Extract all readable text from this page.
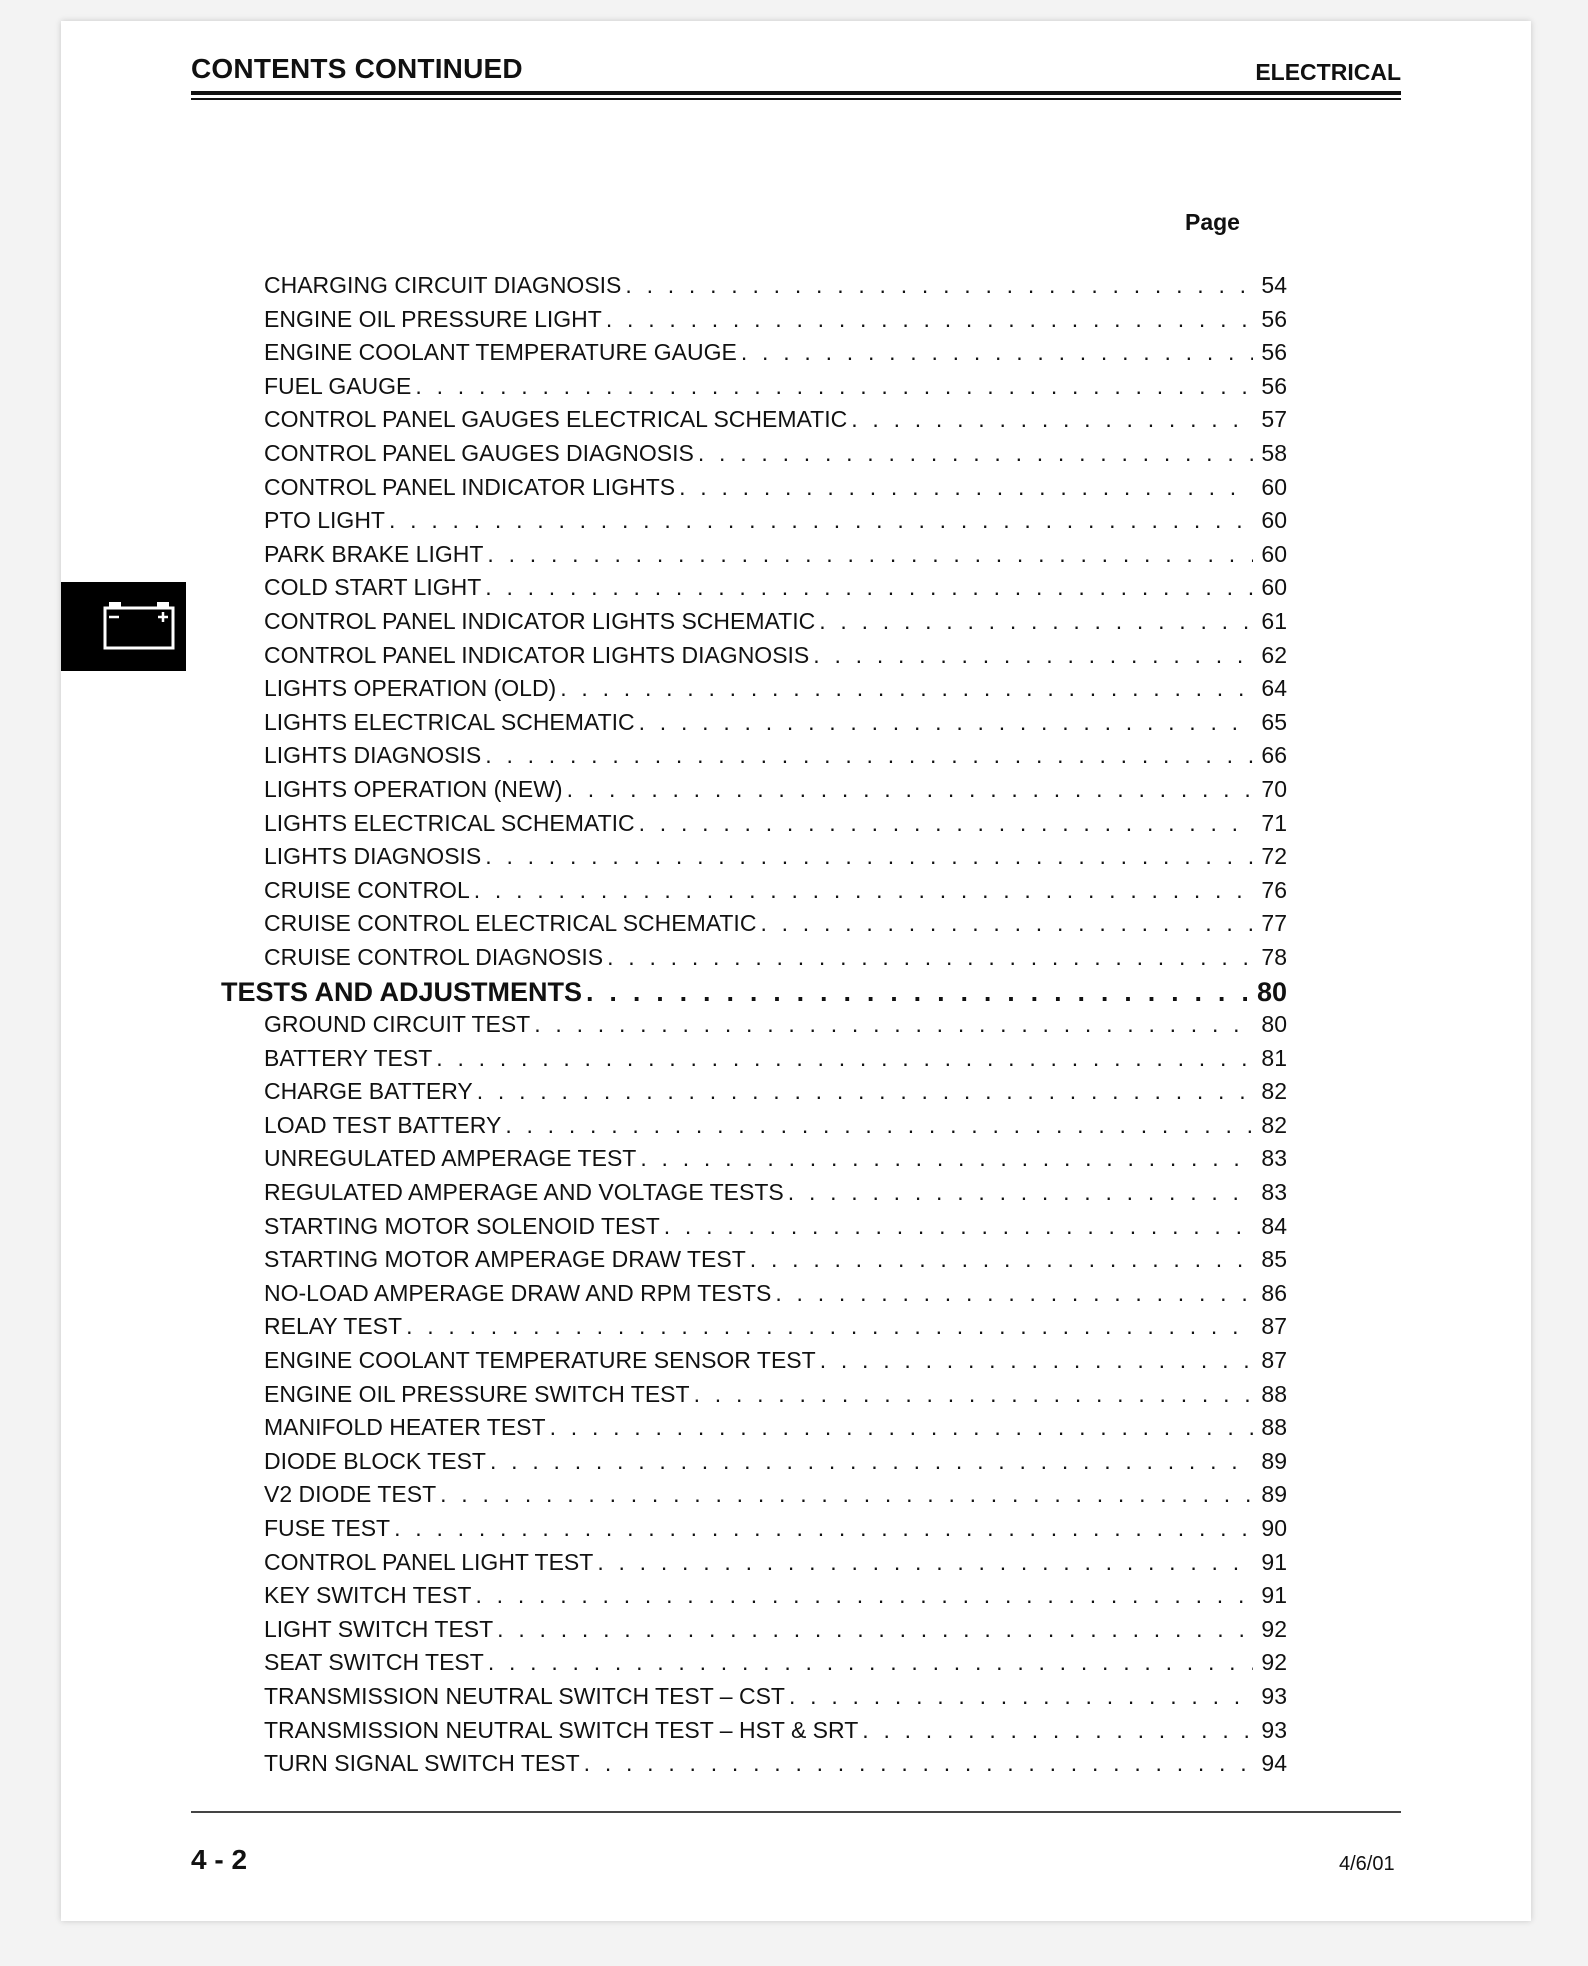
CONTENTS CONTINUED	ELECTRICAL
Page
CHARGING CIRCUIT DIAGNOSIS . . .	54
ENGINE OIL PRESSURE LIGHT . . .	56
ENGINE COOLANT TEMPERATURE GAUGE . . .	56
FUEL GAUGE . . .	56
CONTROL PANEL GAUGES ELECTRICAL SCHEMATIC . . .	57
CONTROL PANEL GAUGES DIAGNOSIS . . .	58
CONTROL PANEL INDICATOR LIGHTS . . .	60
PTO LIGHT . . .	60
PARK BRAKE LIGHT . . .	60
COLD START LIGHT . . .	60
CONTROL PANEL INDICATOR LIGHTS SCHEMATIC . . .	61
CONTROL PANEL INDICATOR LIGHTS DIAGNOSIS . . .	62
LIGHTS OPERATION (OLD) . . .	64
LIGHTS ELECTRICAL SCHEMATIC . . .	65
LIGHTS DIAGNOSIS . . .	66
LIGHTS OPERATION (NEW) . . .	70
LIGHTS ELECTRICAL SCHEMATIC . . .	71
LIGHTS DIAGNOSIS . . .	72
CRUISE CONTROL . . .	76
CRUISE CONTROL ELECTRICAL SCHEMATIC . . .	77
CRUISE CONTROL DIAGNOSIS . . .	78
TESTS AND ADJUSTMENTS . . .	80
GROUND CIRCUIT TEST . . .	80
BATTERY TEST . . .	81
CHARGE BATTERY . . .	82
LOAD TEST BATTERY . . .	82
UNREGULATED AMPERAGE TEST . . .	83
REGULATED AMPERAGE AND VOLTAGE TESTS . . .	83
STARTING MOTOR SOLENOID TEST . . .	84
STARTING MOTOR AMPERAGE DRAW TEST . . .	85
NO-LOAD AMPERAGE DRAW AND RPM TESTS . . .	86
RELAY TEST . . .	87
ENGINE COOLANT TEMPERATURE SENSOR TEST . . .	87
ENGINE OIL PRESSURE SWITCH TEST . . .	88
MANIFOLD HEATER TEST . . .	88
DIODE BLOCK TEST . . .	89
V2 DIODE TEST . . .	89
FUSE TEST . . .	90
CONTROL PANEL LIGHT TEST . . .	91
KEY SWITCH TEST . . .	91
LIGHT SWITCH TEST . . .	92
SEAT SWITCH TEST . . .	92
TRANSMISSION NEUTRAL SWITCH TEST – CST . . .	93
TRANSMISSION NEUTRAL SWITCH TEST – HST & SRT . . .	93
TURN SIGNAL SWITCH TEST . . .	94
4 - 2	4/6/01
